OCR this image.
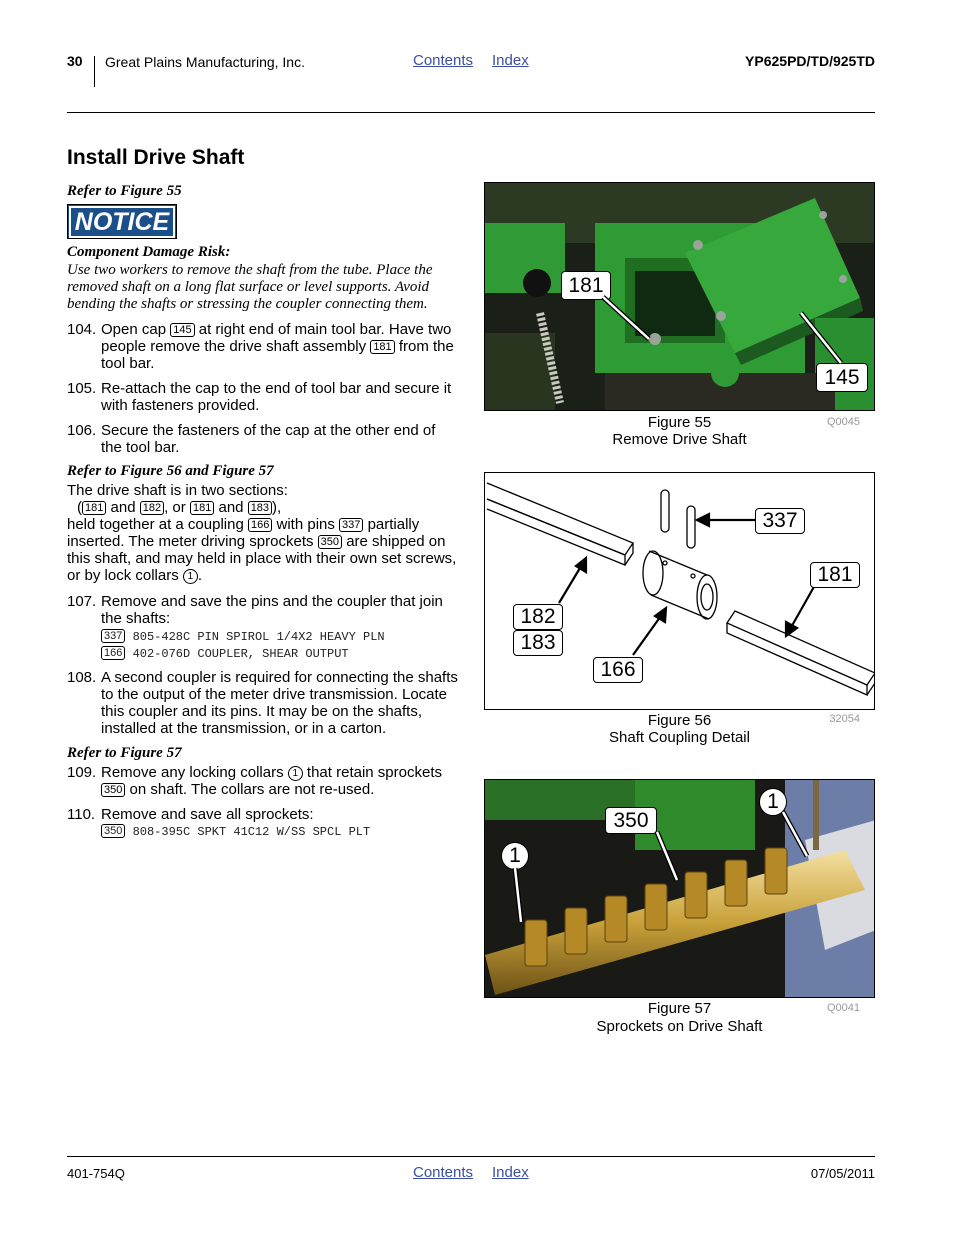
30 Great Plains Manufacturing, Inc.	Contents Index	YP625PD/TD/925TD
Install Drive Shaft
Refer to Figure 55
NOTICE
Component Damage Risk:
Use two workers to remove the shaft from the tube. Place the removed shaft on a long flat surface or level supports. Avoid bending the shafts or stressing the coupler connecting them.
104. Open cap 145 at right end of main tool bar. Have two people remove the drive shaft assembly 181 from the tool bar.
105. Re-attach the cap to the end of tool bar and secure it with fasteners provided.
106. Secure the fasteners of the cap at the other end of the tool bar.
Refer to Figure 56 and Figure 57
The drive shaft is in two sections:
( 181 and 182 , or 181 and 183 ),
held together at a coupling 166 with pins 337 partially inserted. The meter driving sprockets 350 are shipped on this shaft, and may held in place with their own set screws, or by lock collars 1 .
107. Remove and save the pins and the coupler that join the shafts:
337 805-428C PIN SPIROL 1/4X2 HEAVY PLN
166 402-076D COUPLER, SHEAR OUTPUT
108. A second coupler is required for connecting the shafts to the output of the meter drive transmission. Locate this coupler and its pins. It may be on the shafts, installed at the transmission, or in a carton.
Refer to Figure 57
109. Remove any locking collars 1 that retain sprockets 350 on shaft. The collars are not re-used.
110. Remove and save all sprockets:
350 808-395C SPKT 41C12 W/SS SPCL PLT
181
145
Figure 55
Remove Drive Shaft
Q0045
337
181
182
183
166
Figure 56
Shaft Coupling Detail
32054
350
1
1
Figure 57
Sprockets on Drive Shaft
Q0041
401-754Q	Contents Index	07/05/2011
